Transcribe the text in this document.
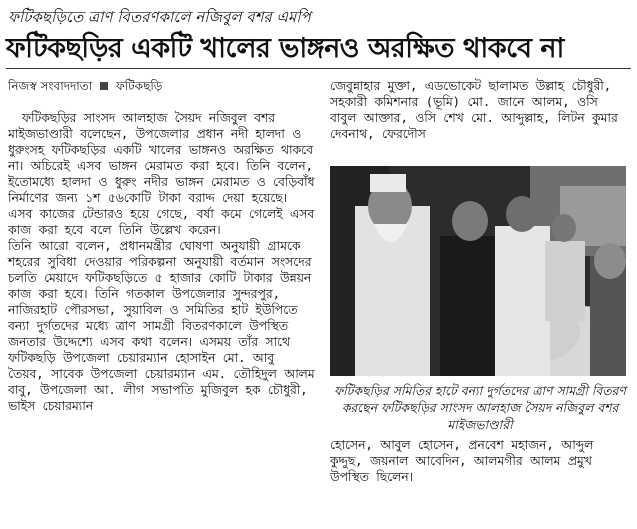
ফটিকছড়িতে ত্রাণ বিতরণকালে নজিবুল বশর এমপি
ফটিকছড়ির একটি খালের ভাঙ্গনও অরক্ষিত থাকবে না
নিজস্ব সংবাদদাতা ফটিকছড়ি

ফটিকছড়ির সাংসদ আলহাজ সৈয়দ নজিবুল বশর মাইজভাণ্ডারী বলেছেন, উপজেলার প্রধান নদী হালদা ও ধুরুংসহ ফটিকছড়ির একটি খালের ভাঙ্গনও অরক্ষিত থাকবে না। অচিরেই এসব ভাঙ্গন মেরামত করা হবে। তিনি বলেন, ইতোমধ্যে হালদা ও ধুরুং নদীর ভাঙ্গন মেরামত ও বেড়িবাঁধ নির্মাণের জন্য ১শ ৫৬কোটি টাকা বরাদ্দ দেয়া হয়েছে। এসব কাজের টেন্ডারও হয়ে গেছে, বর্ষা কমে গেলেই এসব কাজ করা হবে বলে তিনি উল্লেখ করেন।

তিনি আরো বলেন, প্রধানমন্ত্রীর ঘোষণা অনুযায়ী গ্রামকে শহরের সুবিধা দেওয়ার পরিকল্পনা অনুযায়ী বর্তমান সংসদের চলতি মেয়াদে ফটিকছড়িতে ৫ হাজার কোটি টাকার উন্নয়ন কাজ করা হবে। তিনি গতকাল উপজেলার সুন্দরপুর, নাজিরহাট পৌরসভা, সুয়াবিল ও সমিতির হাট ইউপিতে বন্যা দুর্গতদের মধ্যে ত্রাণ সামগ্রী বিতরণকালে উপস্থিত জনতার উদ্দেশ্যে এসব কথা বলেন। এসময় তাঁর সাথে ফটিকছড়ি উপজেলা চেয়ারম্যান হোসাইন মো. আবু তৈয়ব, সাবেক উপজেলা চেয়ারম্যান এম. তৌহিদুল আলম বাবু, উপজেলা আ. লীগ সভাপতি মুজিবুল হক চৌধুরী, ভাইস চেয়ারম্যান

জেবুন্নাহার মুক্তা, এডভোকেট ছালামত উল্লাহ চৌধুরী, সহকারী কমিশনার (ভূমি) মো. জানে আলম, ওসি বাবুল আক্তার, ওসি শেখ মো. আব্দুল্লাহ, লিটন কুমার দেবনাথ, ফেরদৌস
ফটিকছড়ির সমিতির হাটে বন্যা দুর্গতদের ত্রাণ সামগ্রী বিতরণ করছেন ফটিকছড়ির সাংসদ আলহাজ সৈয়দ নজিবুল বশর মাইজভাণ্ডারী
হোসেন, আবুল হোসেন, প্রনবেশ মহাজন, আব্দুল কুদ্দুছ, জয়নাল আবেদিন, আলমগীর আলম প্রমুখ উপস্থিত ছিলেন।
